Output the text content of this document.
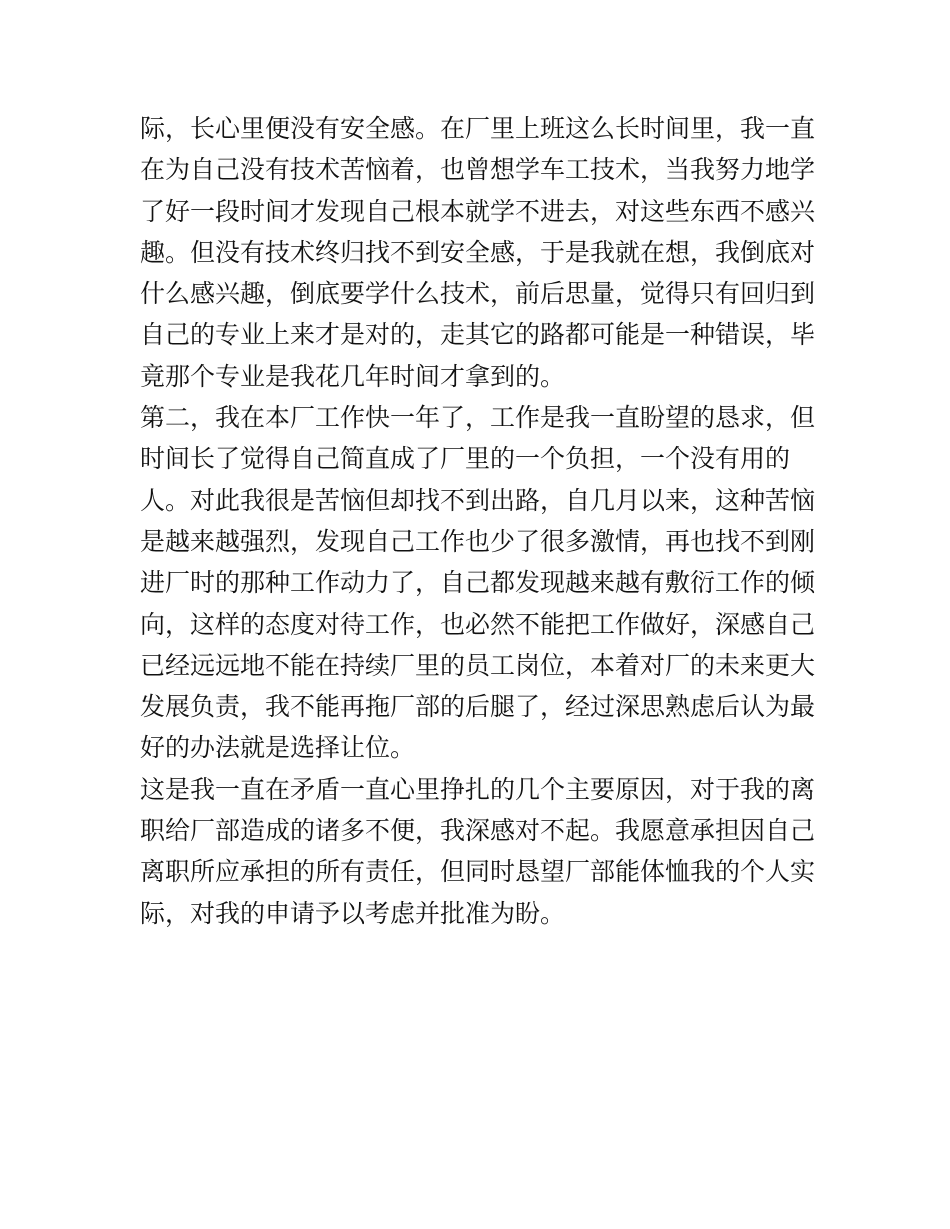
际，长心里便没有安全感。在厂里上班这么长时间里，我一直
在为自己没有技术苦恼着，也曾想学车工技术，当我努力地学
了好一段时间才发现自己根本就学不进去，对这些东西不感兴
趣。但没有技术终归找不到安全感，于是我就在想，我倒底对
什么感兴趣，倒底要学什么技术，前后思量，觉得只有回归到
自己的专业上来才是对的，走其它的路都可能是一种错误，毕
竟那个专业是我花几年时间才拿到的。
第二，我在本厂工作快一年了，工作是我一直盼望的恳求，但
时间长了觉得自己简直成了厂里的一个负担，一个没有用的
人。对此我很是苦恼但却找不到出路，自几月以来，这种苦恼
是越来越强烈，发现自己工作也少了很多激情，再也找不到刚
进厂时的那种工作动力了，自己都发现越来越有敷衍工作的倾
向，这样的态度对待工作，也必然不能把工作做好，深感自己
已经远远地不能在持续厂里的员工岗位，本着对厂的未来更大
发展负责，我不能再拖厂部的后腿了，经过深思熟虑后认为最
好的办法就是选择让位。
这是我一直在矛盾一直心里挣扎的几个主要原因，对于我的离
职给厂部造成的诸多不便，我深感对不起。我愿意承担因自己
离职所应承担的所有责任，但同时恳望厂部能体恤我的个人实
际，对我的申请予以考虑并批准为盼。
